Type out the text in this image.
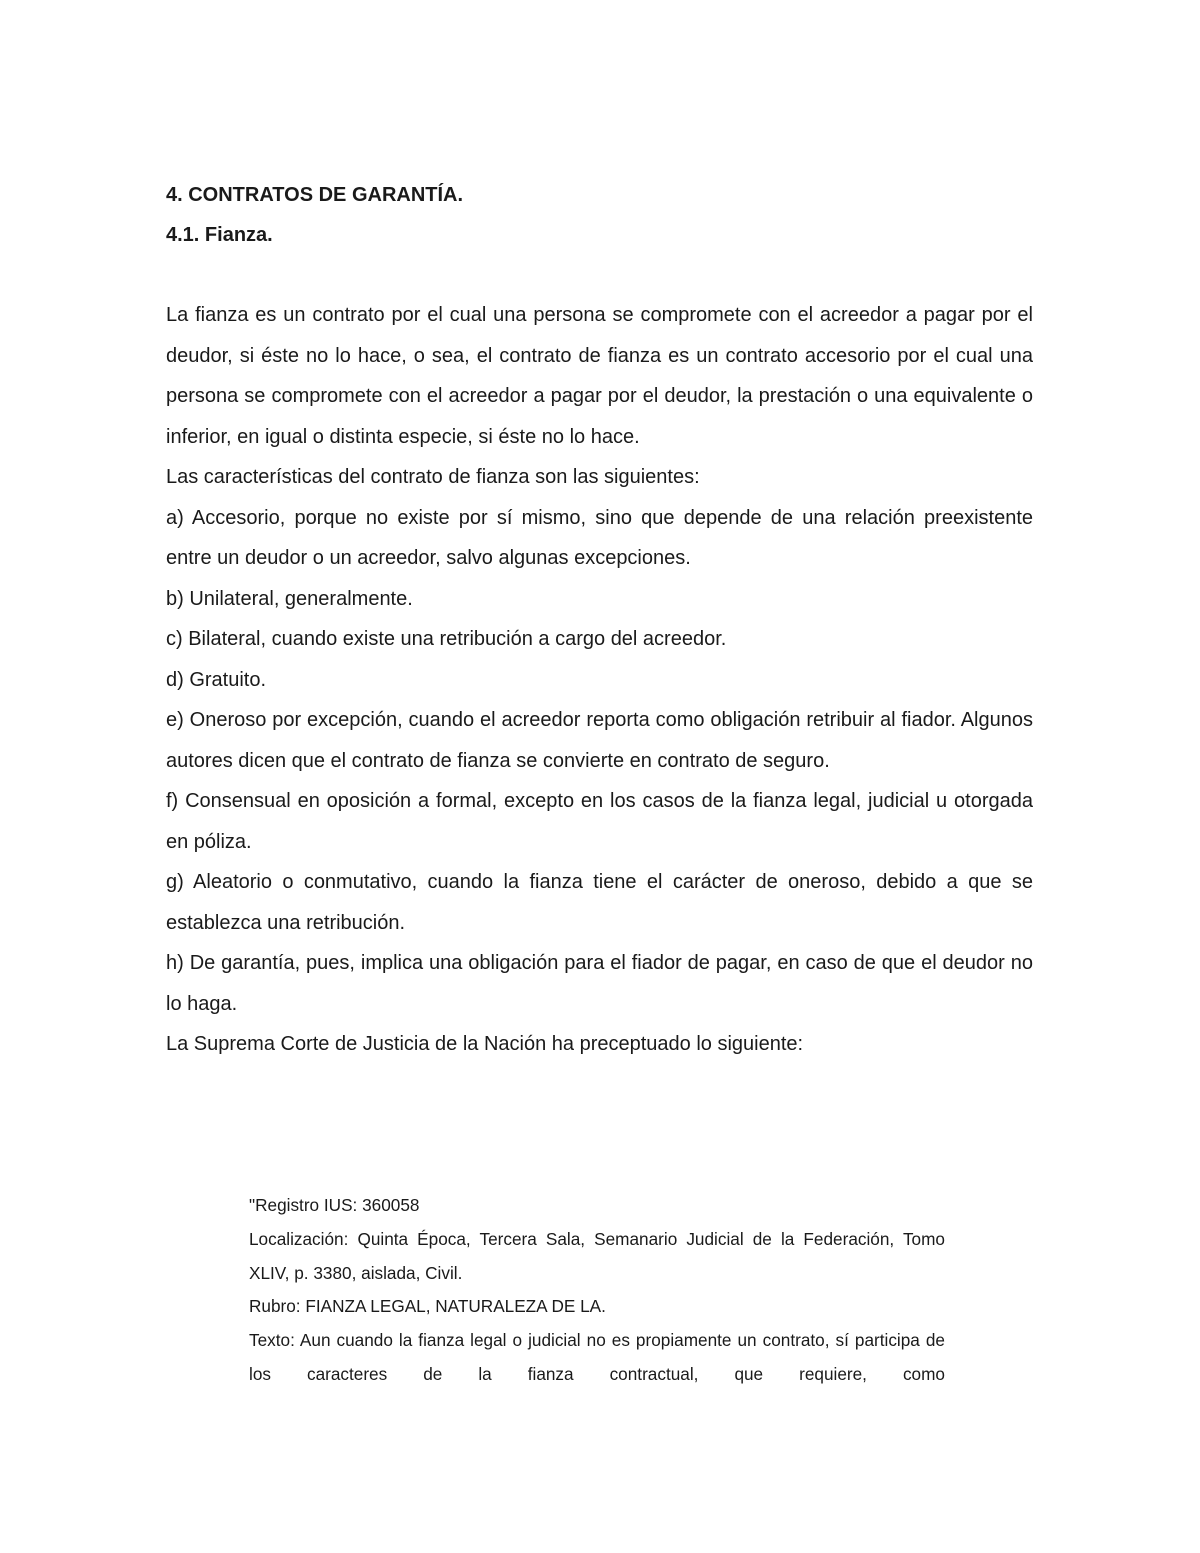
4. CONTRATOS DE GARANTÍA.

4.1. Fianza.

La fianza es un contrato por el cual una persona se compromete con el acreedor a pagar por el deudor, si éste no lo hace, o sea, el contrato de fianza es un contrato accesorio por el cual una persona se compromete con el acreedor a pagar por el deudor, la prestación o una equivalente o inferior, en igual o distinta especie, si éste no lo hace.

Las características del contrato de fianza son las siguientes:

a) Accesorio, porque no existe por sí mismo, sino que depende de una relación preexistente entre un deudor o un acreedor, salvo algunas excepciones.

b) Unilateral, generalmente.

c) Bilateral, cuando existe una retribución a cargo del acreedor.

d) Gratuito.

e) Oneroso por excepción, cuando el acreedor reporta como obligación retribuir al fiador. Algunos autores dicen que el contrato de fianza se convierte en contrato de seguro.

f) Consensual en oposición a formal, excepto en los casos de la fianza legal, judicial u otorgada en póliza.

g) Aleatorio o conmutativo, cuando la fianza tiene el carácter de oneroso, debido a que se establezca una retribución.

h) De garantía, pues, implica una obligación para el fiador de pagar, en caso de que el deudor no lo haga.

La Suprema Corte de Justicia de la Nación ha preceptuado lo siguiente:

"Registro IUS: 360058

Localización: Quinta Época, Tercera Sala, Semanario Judicial de la Federación, Tomo XLIV, p. 3380, aislada, Civil.

Rubro: FIANZA LEGAL, NATURALEZA DE LA.

Texto: Aun cuando la fianza legal o judicial no es propiamente un contrato, sí participa de los caracteres de la fianza contractual, que requiere, como
